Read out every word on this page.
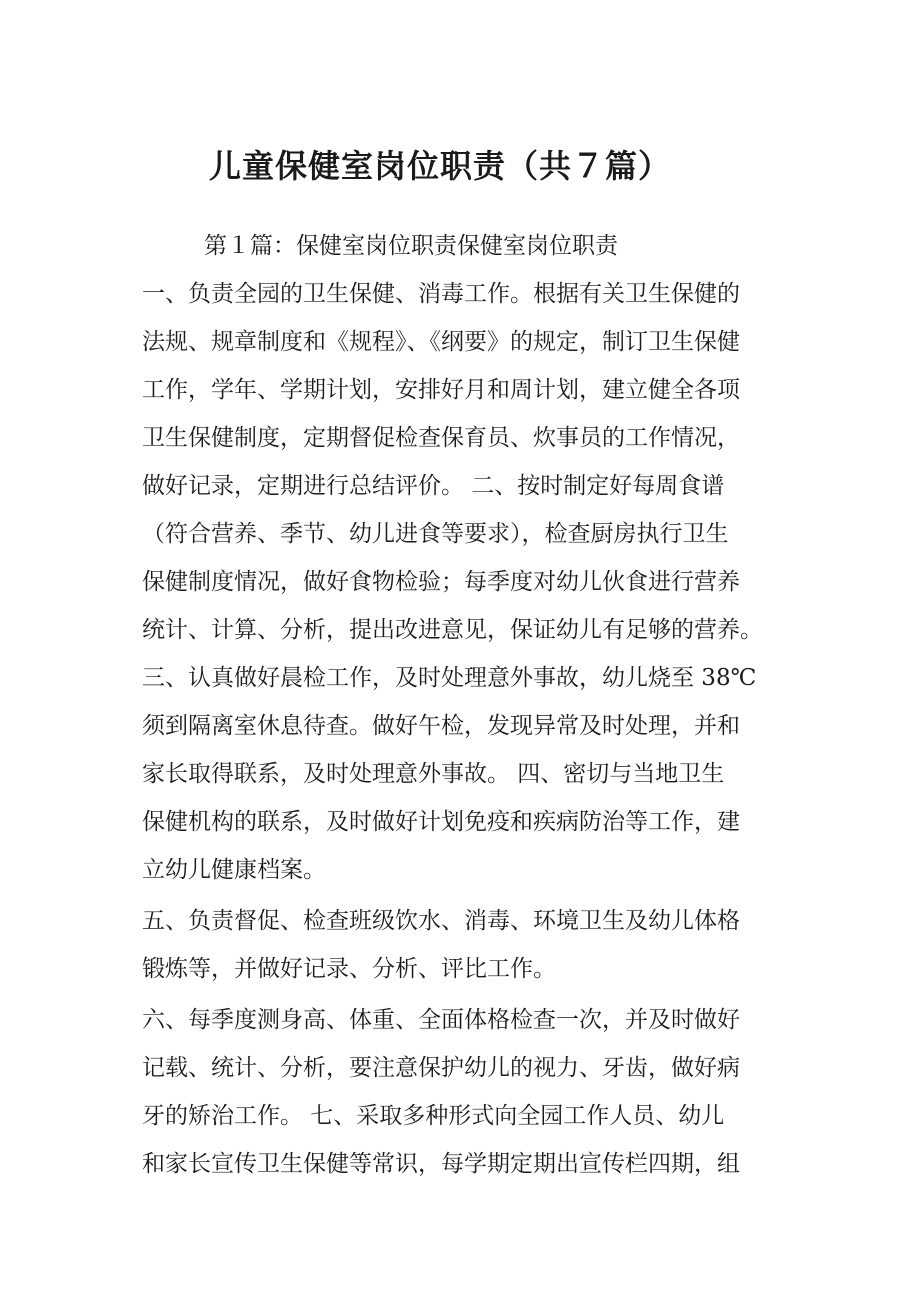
儿童保健室岗位职责（共７篇）
第１篇：保健室岗位职责保健室岗位职责
一、负责全园的卫生保健、消毒工作。根据有关卫生保健的
法规、规章制度和《规程》、《纲要》的规定，制订卫生保健
工作，学年、学期计划，安排好月和周计划，建立健全各项
卫生保健制度，定期督促检查保育员、炊事员的工作情况，
做好记录，定期进行总结评价。 二、按时制定好每周食谱
（符合营养、季节、幼儿进食等要求），检查厨房执行卫生
保健制度情况，做好食物检验；每季度对幼儿伙食进行营养
统计、计算、分析，提出改进意见，保证幼儿有足够的营养。
三、认真做好晨检工作，及时处理意外事故，幼儿烧至 38℃
须到隔离室休息待查。做好午检，发现异常及时处理，并和
家长取得联系，及时处理意外事故。 四、密切与当地卫生
保健机构的联系，及时做好计划免疫和疾病防治等工作，建
立幼儿健康档案。
五、负责督促、检查班级饮水、消毒、环境卫生及幼儿体格
锻炼等，并做好记录、分析、评比工作。
六、每季度测身高、体重、全面体格检查一次，并及时做好
记载、统计、分析，要注意保护幼儿的视力、牙齿，做好病
牙的矫治工作。 七、采取多种形式向全园工作人员、幼儿
和家长宣传卫生保健等常识，每学期定期出宣传栏四期，组
